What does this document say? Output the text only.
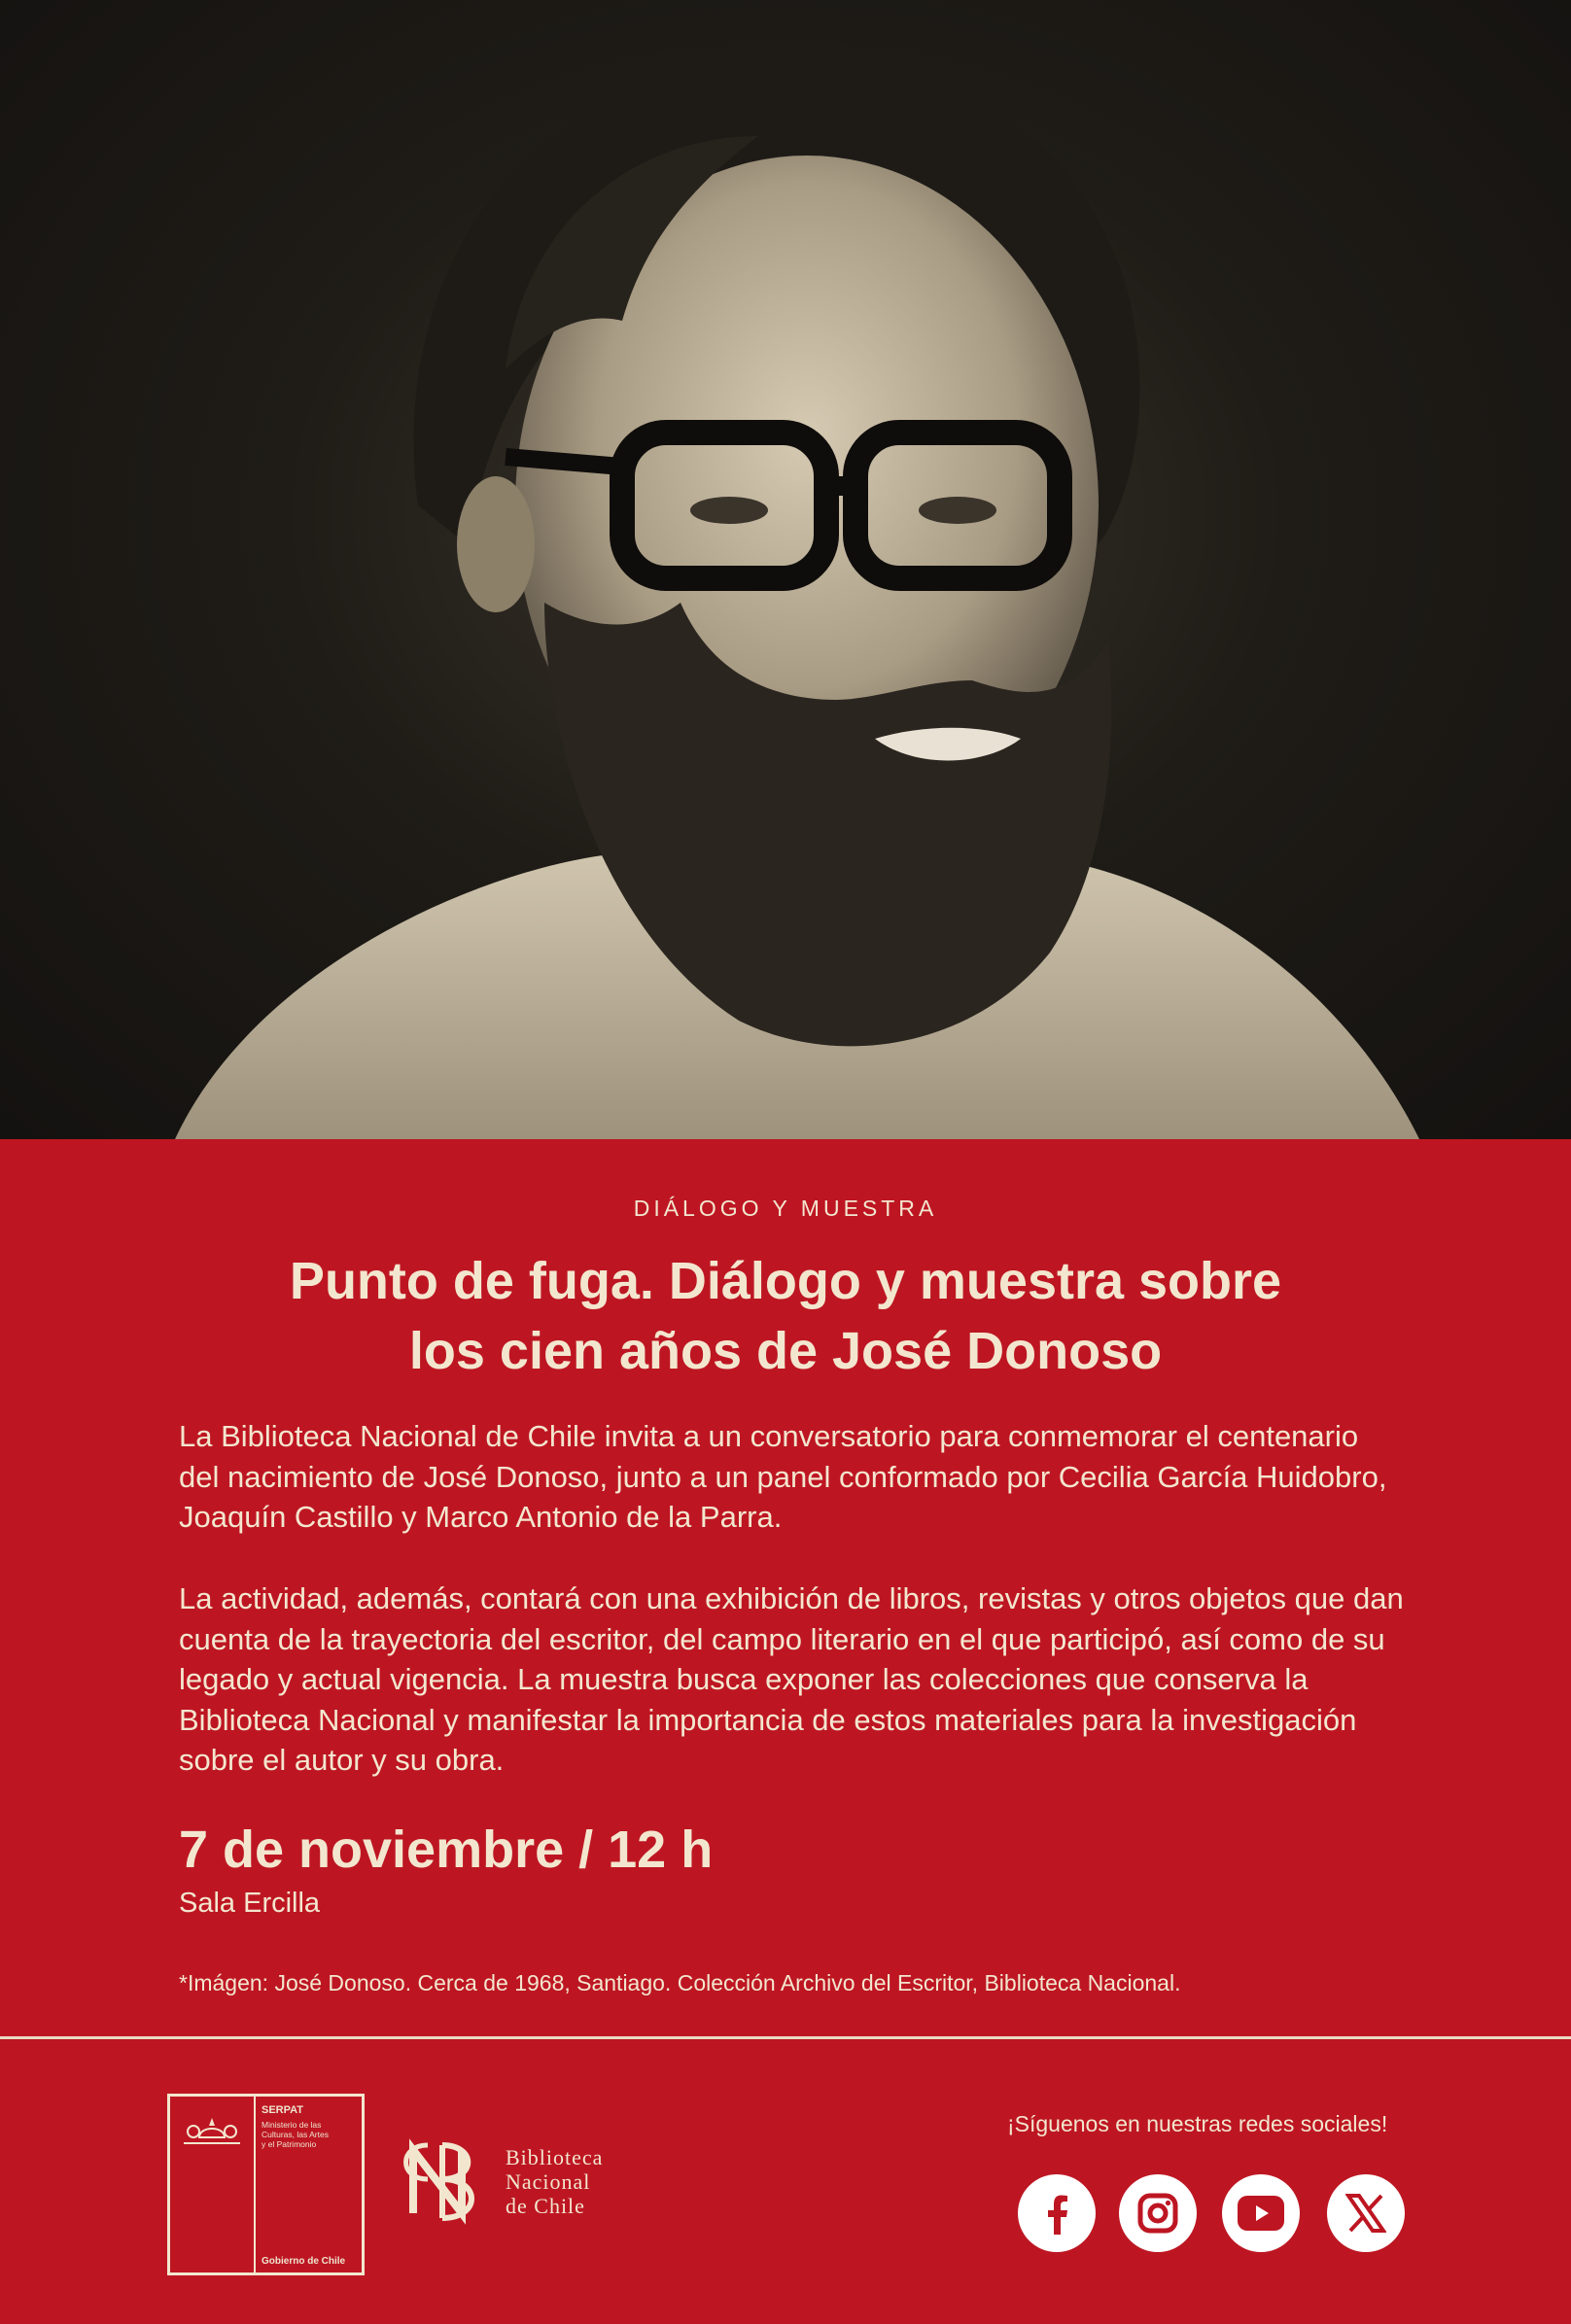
DIÁLOGO Y MUESTRA
Punto de fuga. Diálogo y muestra sobre
los cien años de José Donoso
La Biblioteca Nacional de Chile invita a un conversatorio para conmemorar el centenario del nacimiento de José Donoso, junto a un panel conformado por Cecilia García Huidobro, Joaquín Castillo y Marco Antonio de la Parra.
La actividad, además, contará con una exhibición de libros, revistas y otros objetos que dan cuenta de la trayectoria del escritor, del campo literario en el que participó, así como de su legado y actual vigencia. La muestra busca exponer las colecciones que conserva la Biblioteca Nacional y manifestar la importancia de estos materiales para la investigación sobre el autor y su obra.
7 de noviembre / 12 h
Sala Ercilla
*Imágen: José Donoso. Cerca de 1968, Santiago. Colección Archivo del Escritor, Biblioteca Nacional.
SERPAT
Ministerio de las
Culturas, las Artes
y el Patrimonio
Gobierno de Chile
Biblioteca
Nacional
de Chile
¡Síguenos en nuestras redes sociales!
